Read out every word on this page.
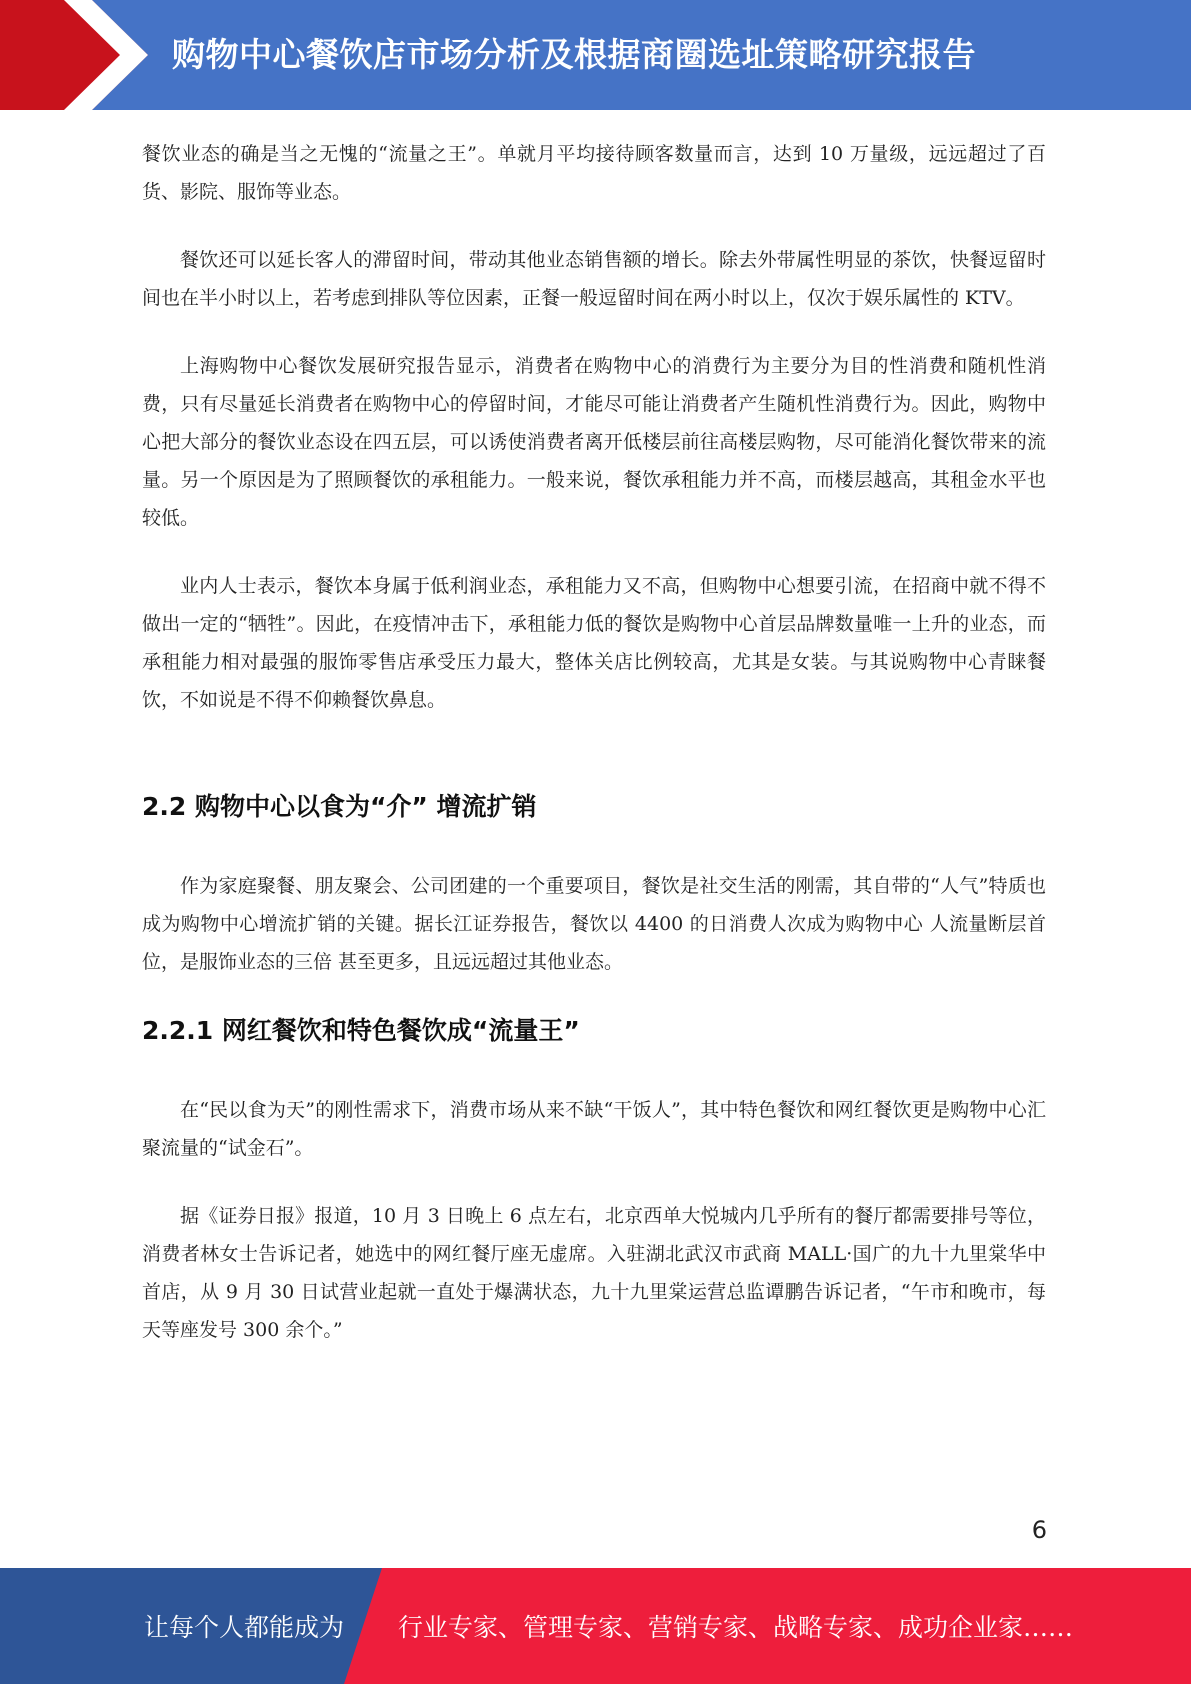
购物中心餐饮店市场分析及根据商圈选址策略研究报告

餐饮业态的确是当之无愧的“流量之王”。单就月平均接待顾客数量而言，达到 10 万量级，远远超过了百货、影院、服饰等业态。

餐饮还可以延长客人的滞留时间，带动其他业态销售额的增长。除去外带属性明显的茶饮，快餐逗留时间也在半小时以上，若考虑到排队等位因素，正餐一般逗留时间在两小时以上，仅次于娱乐属性的 KTV。

上海购物中心餐饮发展研究报告显示，消费者在购物中心的消费行为主要分为目的性消费和随机性消费，只有尽量延长消费者在购物中心的停留时间，才能尽可能让消费者产生随机性消费行为。因此，购物中心把大部分的餐饮业态设在四五层，可以诱使消费者离开低楼层前往高楼层购物，尽可能消化餐饮带来的流量。另一个原因是为了照顾餐饮的承租能力。一般来说，餐饮承租能力并不高，而楼层越高，其租金水平也较低。

业内人士表示，餐饮本身属于低利润业态，承租能力又不高，但购物中心想要引流，在招商中就不得不做出一定的“牺牲”。因此，在疫情冲击下，承租能力低的餐饮是购物中心首层品牌数量唯一上升的业态，而承租能力相对最强的服饰零售店承受压力最大，整体关店比例较高，尤其是女装。与其说购物中心青睐餐饮，不如说是不得不仰赖餐饮鼻息。

2.2 购物中心以食为“介” 增流扩销

作为家庭聚餐、朋友聚会、公司团建的一个重要项目，餐饮是社交生活的刚需，其自带的“人气”特质也成为购物中心增流扩销的关键。据长江证券报告，餐饮以 4400 的日消费人次成为购物中心 人流量断层首位，是服饰业态的三倍 甚至更多，且远远超过其他业态。

2.2.1 网红餐饮和特色餐饮成“流量王”

在“民以食为天”的刚性需求下，消费市场从来不缺“干饭人”，其中特色餐饮和网红餐饮更是购物中心汇聚流量的“试金石”。

据《证券日报》报道，10 月 3 日晚上 6 点左右，北京西单大悦城内几乎所有的餐厅都需要排号等位，消费者林女士告诉记者，她选中的网红餐厅座无虚席。入驻湖北武汉市武商 MALL·国广的九十九里棠华中首店，从 9 月 30 日试营业起就一直处于爆满状态，九十九里棠运营总监谭鹏告诉记者，“午市和晚市，每天等座发号 300 余个。”

6
让每个人都能成为 行业专家、管理专家、营销专家、战略专家、成功企业家……
